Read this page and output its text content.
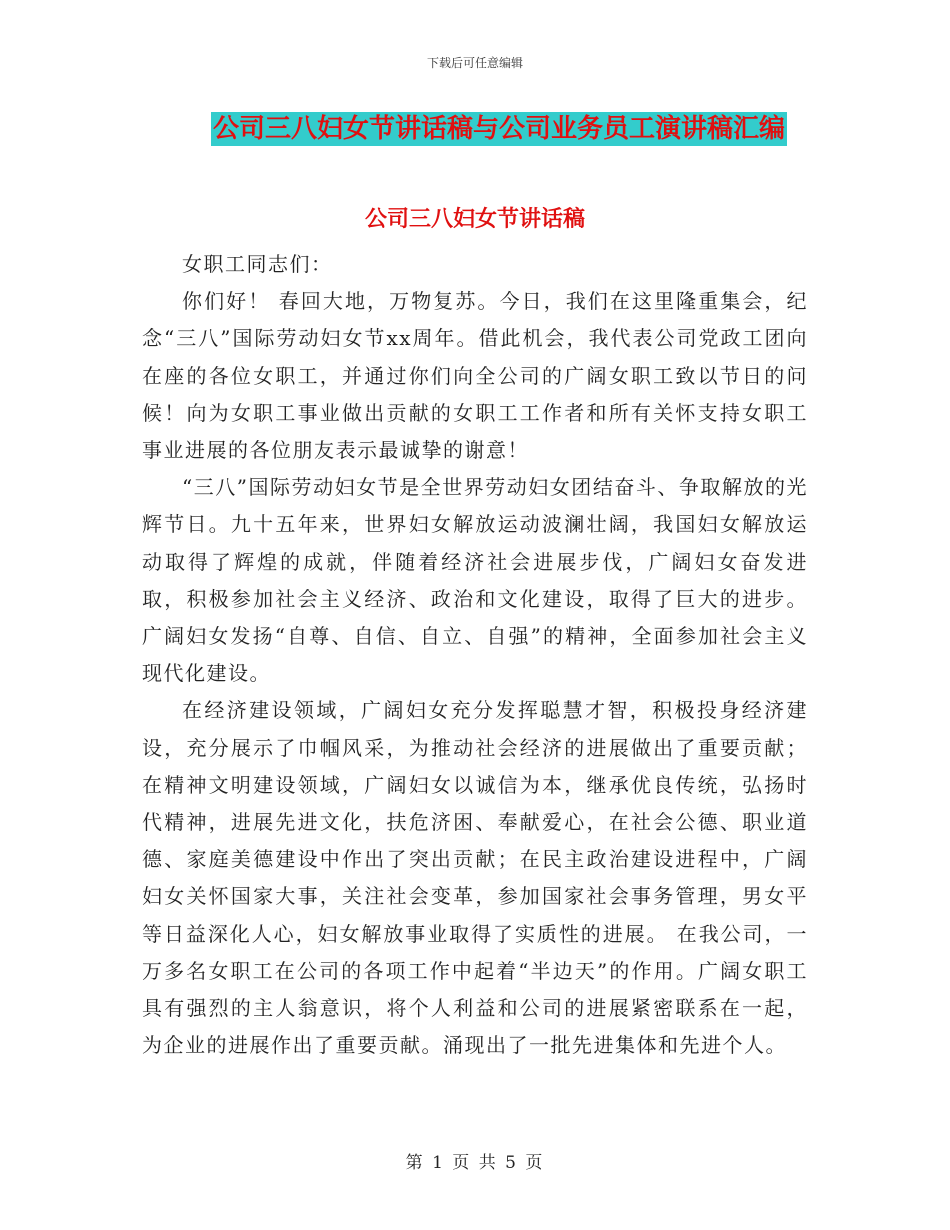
下载后可任意编辑
公司三八妇女节讲话稿与公司业务员工演讲稿汇编
公司三八妇女节讲话稿

女职工同志们：

你们好！ 春回大地，万物复苏。今日，我们在这里隆重集会，纪念“三八”国际劳动妇女节xx周年。借此机会，我代表公司党政工团向在座的各位女职工，并通过你们向全公司的广阔女职工致以节日的问候！向为女职工事业做出贡献的女职工工作者和所有关怀支持女职工事业进展的各位朋友表示最诚挚的谢意！

“三八”国际劳动妇女节是全世界劳动妇女团结奋斗、争取解放的光辉节日。九十五年来，世界妇女解放运动波澜壮阔，我国妇女解放运动取得了辉煌的成就，伴随着经济社会进展步伐，广阔妇女奋发进取，积极参加社会主义经济、政治和文化建设，取得了巨大的进步。广阔妇女发扬“自尊、自信、自立、自强”的精神，全面参加社会主义现代化建设。

在经济建设领域，广阔妇女充分发挥聪慧才智，积极投身经济建设，充分展示了巾帼风采，为推动社会经济的进展做出了重要贡献；在精神文明建设领域，广阔妇女以诚信为本，继承优良传统，弘扬时代精神，进展先进文化，扶危济困、奉献爱心，在社会公德、职业道德、家庭美德建设中作出了突出贡献；在民主政治建设进程中，广阔妇女关怀国家大事，关注社会变革，参加国家社会事务管理，男女平等日益深化人心，妇女解放事业取得了实质性的进展。 在我公司，一万多名女职工在公司的各项工作中起着“半边天”的作用。广阔女职工具有强烈的主人翁意识，将个人利益和公司的进展紧密联系在一起，为企业的进展作出了重要贡献。涌现出了一批先进集体和先进个人。

第 1 页 共 5 页
